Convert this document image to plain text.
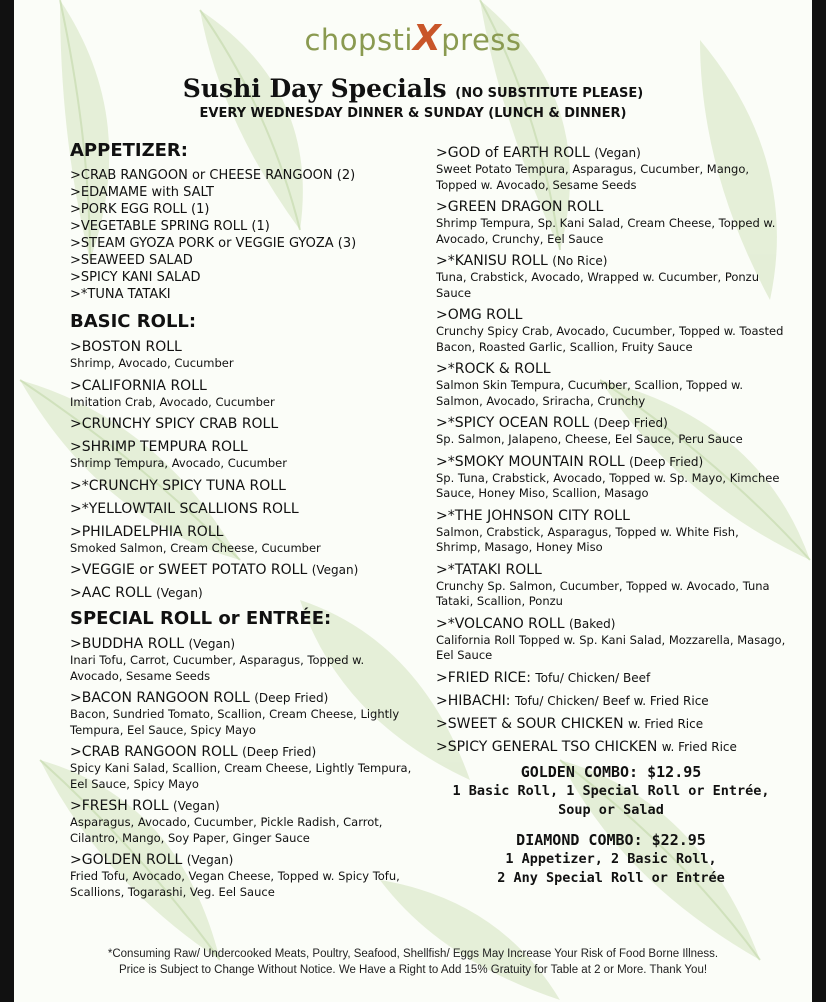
chopstiXpress
Sushi Day Specials (NO SUBSTITUTE PLEASE)
EVERY WEDNESDAY DINNER & SUNDAY (LUNCH & DINNER)
APPETIZER:
>CRAB RANGOON or CHEESE RANGOON (2)
>EDAMAME with SALT
>PORK EGG ROLL (1)
>VEGETABLE SPRING ROLL (1)
>STEAM GYOZA PORK or VEGGIE GYOZA (3)
>SEAWEED SALAD
>SPICY KANI SALAD
>*TUNA TATAKI
BASIC ROLL:
>BOSTON ROLL
Shrimp, Avocado, Cucumber
>CALIFORNIA ROLL
Imitation Crab, Avocado, Cucumber
>CRUNCHY SPICY CRAB ROLL
>SHRIMP TEMPURA ROLL
Shrimp Tempura, Avocado, Cucumber
>*CRUNCHY SPICY TUNA ROLL
>*YELLOWTAIL SCALLIONS ROLL
>PHILADELPHIA ROLL
Smoked Salmon, Cream Cheese, Cucumber
>VEGGIE or SWEET POTATO ROLL (Vegan)
>AAC ROLL (Vegan)
SPECIAL ROLL or ENTRÉE:
>BUDDHA ROLL (Vegan)
Inari Tofu, Carrot, Cucumber, Asparagus, Topped w. Avocado, Sesame Seeds
>BACON RANGOON ROLL (Deep Fried)
Bacon, Sundried Tomato, Scallion, Cream Cheese, Lightly Tempura, Eel Sauce, Spicy Mayo
>CRAB RANGOON ROLL (Deep Fried)
Spicy Kani Salad, Scallion, Cream Cheese, Lightly Tempura, Eel Sauce, Spicy Mayo
>FRESH ROLL (Vegan)
Asparagus, Avocado, Cucumber, Pickle Radish, Carrot, Cilantro, Mango, Soy Paper, Ginger Sauce
>GOLDEN ROLL (Vegan)
Fried Tofu, Avocado, Vegan Cheese, Topped w. Spicy Tofu, Scallions, Togarashi, Veg. Eel Sauce
>GOD of EARTH ROLL (Vegan)
Sweet Potato Tempura, Asparagus, Cucumber, Mango, Topped w. Avocado, Sesame Seeds
>GREEN DRAGON ROLL
Shrimp Tempura, Sp. Kani Salad, Cream Cheese, Topped w. Avocado, Crunchy, Eel Sauce
>*KANISU ROLL (No Rice)
Tuna, Crabstick, Avocado, Wrapped w. Cucumber, Ponzu Sauce
>OMG ROLL
Crunchy Spicy Crab, Avocado, Cucumber, Topped w. Toasted Bacon, Roasted Garlic, Scallion, Fruity Sauce
>*ROCK & ROLL
Salmon Skin Tempura, Cucumber, Scallion, Topped w. Salmon, Avocado, Sriracha, Crunchy
>*SPICY OCEAN ROLL (Deep Fried)
Sp. Salmon, Jalapeno, Cheese, Eel Sauce, Peru Sauce
>*SMOKY MOUNTAIN ROLL (Deep Fried)
Sp. Tuna, Crabstick, Avocado, Topped w. Sp. Mayo, Kimchee Sauce, Honey Miso, Scallion, Masago
>*THE JOHNSON CITY ROLL
Salmon, Crabstick, Asparagus, Topped w. White Fish, Shrimp, Masago, Honey Miso
>*TATAKI ROLL
Crunchy Sp. Salmon, Cucumber, Topped w. Avocado, Tuna Tataki, Scallion, Ponzu
>*VOLCANO ROLL (Baked)
California Roll Topped w. Sp. Kani Salad, Mozzarella, Masago, Eel Sauce
>FRIED RICE: Tofu/ Chicken/ Beef
>HIBACHI: Tofu/ Chicken/ Beef w. Fried Rice
>SWEET & SOUR CHICKEN w. Fried Rice
>SPICY GENERAL TSO CHICKEN w. Fried Rice
GOLDEN COMBO: $12.95
1 Basic Roll, 1 Special Roll or Entrée,
Soup or Salad
DIAMOND COMBO: $22.95
1 Appetizer, 2 Basic Roll,
2 Any Special Roll or Entrée
*Consuming Raw/ Undercooked Meats, Poultry, Seafood, Shellfish/ Eggs May Increase Your Risk of Food Borne Illness.
Price is Subject to Change Without Notice. We Have a Right to Add 15% Gratuity for Table at 2 or More. Thank You!
